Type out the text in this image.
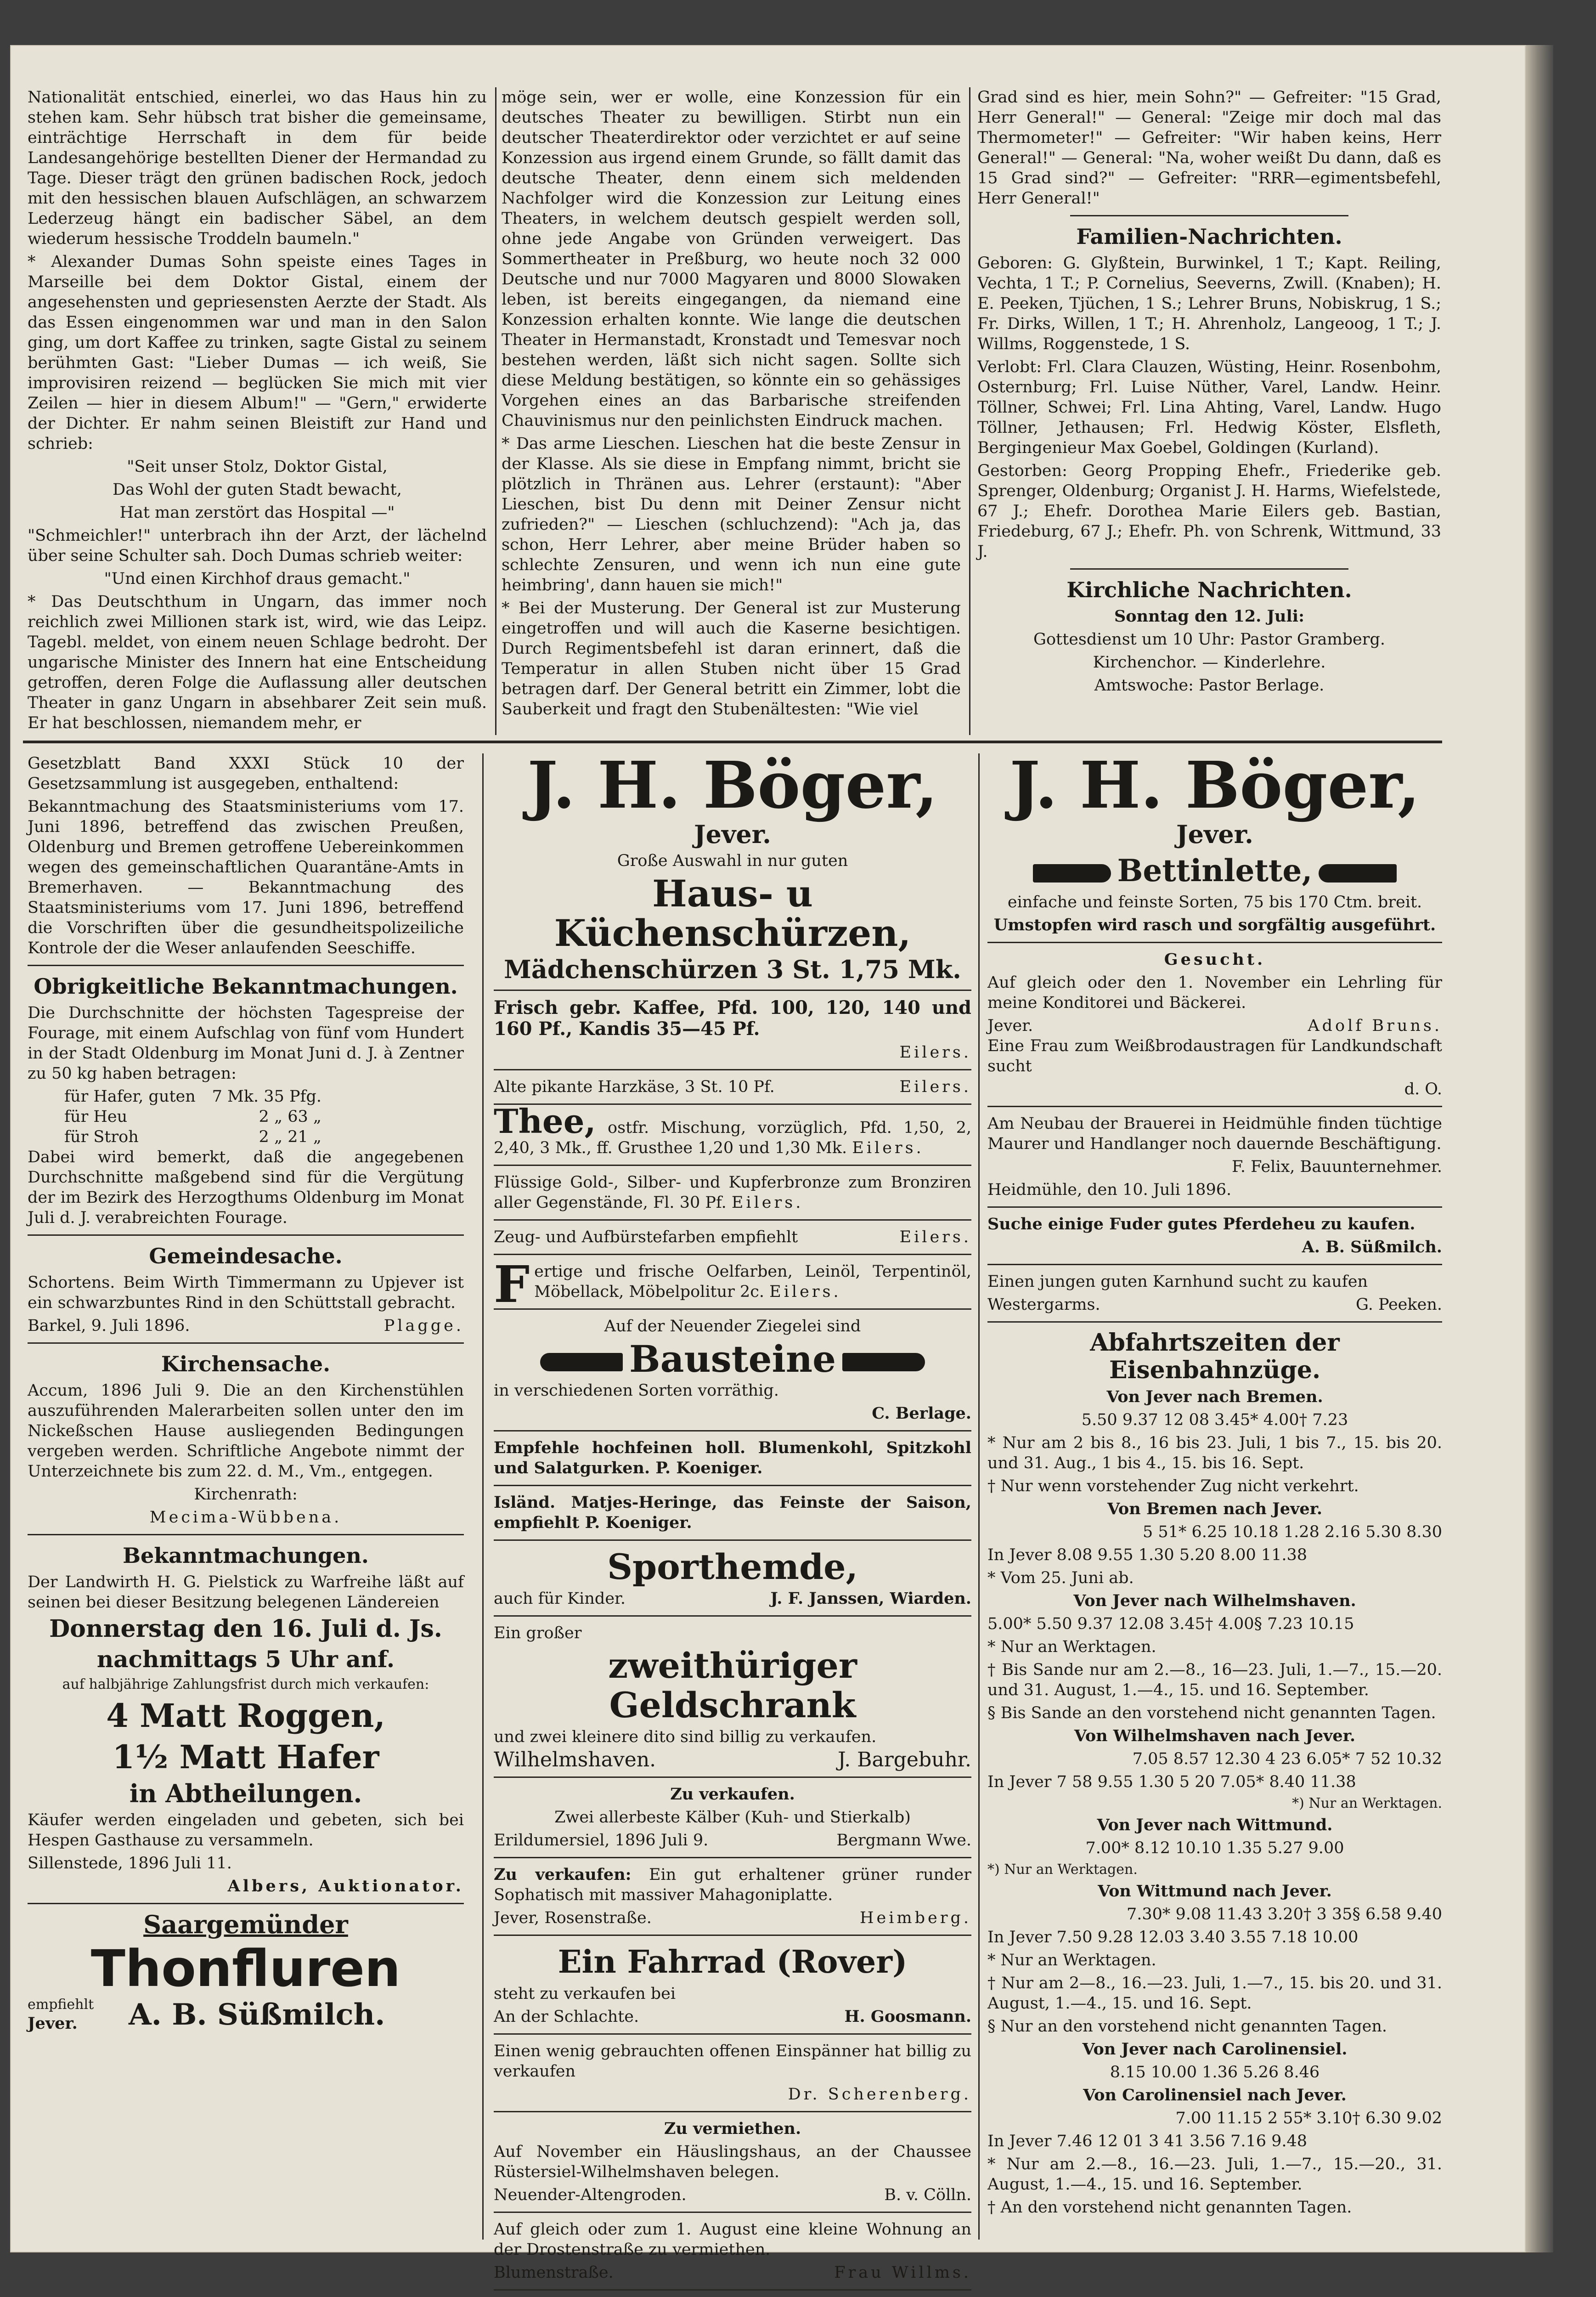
Nationalität entschied, einerlei, wo das Haus hin zu stehen kam. Sehr hübsch trat bisher die gemeinsame, einträchtige Herrschaft in dem für beide Landesangehörige bestellten Diener der Hermandad zu Tage. Dieser trägt den grünen badischen Rock, jedoch mit den hessischen blauen Aufschlägen, an schwarzem Lederzeug hängt ein badischer Säbel, an dem wiederum hessische Troddeln baumeln."

* Alexander Dumas Sohn speiste eines Tages in Marseille bei dem Doktor Gistal, einem der angesehensten und gepriesensten Aerzte der Stadt. Als das Essen eingenommen war und man in den Salon ging, um dort Kaffee zu trinken, sagte Gistal zu seinem berühmten Gast: "Lieber Dumas — ich weiß, Sie improvisiren reizend — beglücken Sie mich mit vier Zeilen — hier in diesem Album!" — "Gern," erwiderte der Dichter. Er nahm seinen Bleistift zur Hand und schrieb:

"Seit unser Stolz, Doktor Gistal,

Das Wohl der guten Stadt bewacht,

Hat man zerstört das Hospital —"

"Schmeichler!" unterbrach ihn der Arzt, der lächelnd über seine Schulter sah. Doch Dumas schrieb weiter:

"Und einen Kirchhof draus gemacht."

* Das Deutschthum in Ungarn, das immer noch reichlich zwei Millionen stark ist, wird, wie das Leipz. Tagebl. meldet, von einem neuen Schlage bedroht. Der ungarische Minister des Innern hat eine Entscheidung getroffen, deren Folge die Auflassung aller deutschen Theater in ganz Ungarn in absehbarer Zeit sein muß. Er hat beschlossen, niemandem mehr, er

möge sein, wer er wolle, eine Konzession für ein deutsches Theater zu bewilligen. Stirbt nun ein deutscher Theaterdirektor oder verzichtet er auf seine Konzession aus irgend einem Grunde, so fällt damit das deutsche Theater, denn einem sich meldenden Nachfolger wird die Konzession zur Leitung eines Theaters, in welchem deutsch gespielt werden soll, ohne jede Angabe von Gründen verweigert. Das Sommertheater in Preßburg, wo heute noch 32 000 Deutsche und nur 7000 Magyaren und 8000 Slowaken leben, ist bereits eingegangen, da niemand eine Konzession erhalten konnte. Wie lange die deutschen Theater in Hermanstadt, Kronstadt und Temesvar noch bestehen werden, läßt sich nicht sagen. Sollte sich diese Meldung bestätigen, so könnte ein so gehässiges Vorgehen eines an das Barbarische streifenden Chauvinismus nur den peinlichsten Eindruck machen.

* Das arme Lieschen. Lieschen hat die beste Zensur in der Klasse. Als sie diese in Empfang nimmt, bricht sie plötzlich in Thränen aus. Lehrer (erstaunt): "Aber Lieschen, bist Du denn mit Deiner Zensur nicht zufrieden?" — Lieschen (schluchzend): "Ach ja, das schon, Herr Lehrer, aber meine Brüder haben so schlechte Zensuren, und wenn ich nun eine gute heimbring', dann hauen sie mich!"

* Bei der Musterung. Der General ist zur Musterung eingetroffen und will auch die Kaserne besichtigen. Durch Regimentsbefehl ist daran erinnert, daß die Temperatur in allen Stuben nicht über 15 Grad betragen darf. Der General betritt ein Zimmer, lobt die Sauberkeit und fragt den Stubenältesten: "Wie viel

Grad sind es hier, mein Sohn?" — Gefreiter: "15 Grad, Herr General!" — General: "Zeige mir doch mal das Thermometer!" — Gefreiter: "Wir haben keins, Herr General!" — General: "Na, woher weißt Du dann, daß es 15 Grad sind?" — Gefreiter: "RRR—egimentsbefehl, Herr General!"

Familien-Nachrichten.

Geboren: G. Glyßtein, Burwinkel, 1 T.; Kapt. Reiling, Vechta, 1 T.; P. Cornelius, Seeverns, Zwill. (Knaben); H. E. Peeken, Tjüchen, 1 S.; Lehrer Bruns, Nobiskrug, 1 S.; Fr. Dirks, Willen, 1 T.; H. Ahrenholz, Langeoog, 1 T.; J. Willms, Roggenstede, 1 S.

Verlobt: Frl. Clara Clauzen, Wüsting, Heinr. Rosenbohm, Osternburg; Frl. Luise Nüther, Varel, Landw. Heinr. Töllner, Schwei; Frl. Lina Ahting, Varel, Landw. Hugo Töllner, Jethausen; Frl. Hedwig Köster, Elsfleth, Bergingenieur Max Goebel, Goldingen (Kurland).

Gestorben: Georg Propping Ehefr., Friederike geb. Sprenger, Oldenburg; Organist J. H. Harms, Wiefelstede, 67 J.; Ehefr. Dorothea Marie Eilers geb. Bastian, Friedeburg, 67 J.; Ehefr. Ph. von Schrenk, Wittmund, 33 J.

Kirchliche Nachrichten.

Sonntag den 12. Juli:

Gottesdienst um 10 Uhr: Pastor Gramberg.

Kirchenchor. — Kinderlehre.

Amtswoche: Pastor Berlage.

Gesetzblatt Band XXXI Stück 10 der Gesetzsammlung ist ausgegeben, enthaltend:

Bekanntmachung des Staatsministeriums vom 17. Juni 1896, betreffend das zwischen Preußen, Oldenburg und Bremen getroffene Uebereinkommen wegen des gemeinschaftlichen Quarantäne-Amts in Bremerhaven. — Bekanntmachung des Staatsministeriums vom 17. Juni 1896, betreffend die Vorschriften über die gesundheitspolizeiliche Kontrole der die Weser anlaufenden Seeschiffe.

Obrigkeitliche Bekanntmachungen.

Die Durchschnitte der höchsten Tagespreise der Fourage, mit einem Aufschlag von fünf vom Hundert in der Stadt Oldenburg im Monat Juni d. J. à Zentner zu 50 kg haben betragen:

für Hafer, guten 7 Mk. 35 Pfg.
für Heu	2 „ 63 „
für Stroh	2 „ 21 „

Dabei wird bemerkt, daß die angegebenen Durchschnitte maßgebend sind für die Vergütung der im Bezirk des Herzogthums Oldenburg im Monat Juli d. J. verabreichten Fourage.

Gemeindesache.

Schortens. Beim Wirth Timmermann zu Upjever ist ein schwarzbuntes Rind in den Schüttstall gebracht.

Barkel, 9. Juli 1896.	Plagge.
Kirchensache.

Accum, 1896 Juli 9. Die an den Kirchenstühlen auszuführenden Malerarbeiten sollen unter den im Nickeßschen Hause ausliegenden Bedingungen vergeben werden. Schriftliche Angebote nimmt der Unterzeichnete bis zum 22. d. M., Vm., entgegen.

Kirchenrath:

Mecima-Wübbena.

Bekanntmachungen.

Der Landwirth H. G. Pielstick zu Warfreihe läßt auf seinen bei dieser Besitzung belegenen Ländereien

Donnerstag den 16. Juli d. Js.
nachmittags 5 Uhr anf.

auf halbjährige Zahlungsfrist durch mich verkaufen:

4 Matt Roggen,
1½ Matt Hafer
in Abtheilungen.

Käufer werden eingeladen und gebeten, sich bei Hespen Gasthause zu versammeln.

Sillenstede, 1896 Juli 11.

Albers, Auktionator.

Saargemünder
Thonfluren
empfiehlt
Jever.	A. B. Süßmilch.
J. H. Böger,
Jever.

Große Auswahl in nur guten

Haus- u Küchenschürzen,
Mädchenschürzen 3 St. 1,75 Mk.

Frisch gebr. Kaffee, Pfd. 100, 120, 140 und 160 Pf., Kandis 35—45 Pf.

Eilers.

Alte pikante Harzkäse, 3 St. 10 Pf.	Eilers.

Thee, ostfr. Mischung, vorzüglich, Pfd. 1,50, 2, 2,40, 3 Mk., ff. Grusthee 1,20 und 1,30 Mk. Eilers.

Flüssige Gold-, Silber- und Kupferbronze zum Bronziren aller Gegenstände, Fl. 30 Pf. Eilers.

Zeug- und Aufbürstefarben empfiehlt	Eilers.

Fertige und frische Oelfarben, Leinöl, Terpentinöl, Möbellack, Möbelpolitur 2c. Eilers.

Auf der Neuender Ziegelei sind

Bausteine

in verschiedenen Sorten vorräthig.

C. Berlage.

Empfehle hochfeinen holl. Blumenkohl, Spitzkohl und Salatgurken. P. Koeniger.

Isländ. Matjes-Heringe, das Feinste der Saison, empfiehlt P. Koeniger.

Sporthemde,
auch für Kinder.	J. F. Janssen, Wiarden.

Ein großer

zweithüriger Geldschrank

und zwei kleinere dito sind billig zu verkaufen.

Wilhelmshaven.	J. Bargebuhr.

Zu verkaufen.

Zwei allerbeste Kälber (Kuh- und Stierkalb)

Erildumersiel, 1896 Juli 9.	Bergmann Wwe.

Zu verkaufen: Ein gut erhaltener grüner runder Sophatisch mit massiver Mahagoniplatte.

Jever, Rosenstraße.	Heimberg.
Ein Fahrrad (Rover)

steht zu verkaufen bei

An der Schlachte.	H. Goosmann.

Einen wenig gebrauchten offenen Einspänner hat billig zu verkaufen

Dr. Scherenberg.

Zu vermiethen.

Auf November ein Häuslingshaus, an der Chaussee Rüstersiel-Wilhelmshaven belegen.

Neuender-Altengroden.	B. v. Cölln.

Auf gleich oder zum 1. August eine kleine Wohnung an der Drostenstraße zu vermiethen.

Blumenstraße.	Frau Willms.

J. H. Böger,
Jever.
Bettinlette,

einfache und feinste Sorten, 75 bis 170 Ctm. breit.

Umstopfen wird rasch und sorgfältig ausgeführt.

Gesucht.

Auf gleich oder den 1. November ein Lehrling für meine Konditorei und Bäckerei.

Jever.	Adolf Bruns.

Eine Frau zum Weißbrodaustragen für Landkundschaft sucht

d. O.

Am Neubau der Brauerei in Heidmühle finden tüchtige Maurer und Handlanger noch dauernde Beschäftigung.

F. Felix, Bauunternehmer.

Heidmühle, den 10. Juli 1896.

Suche einige Fuder gutes Pferdeheu zu kaufen.

A. B. Süßmilch.

Einen jungen guten Karnhund sucht zu kaufen

Westergarms.	G. Peeken.
Abfahrtszeiten der Eisenbahnzüge.

Von Jever nach Bremen.

5.50 9.37 12 08 3.45* 4.00† 7.23

* Nur am 2 bis 8., 16 bis 23. Juli, 1 bis 7., 15. bis 20. und 31. Aug., 1 bis 4., 15. bis 16. Sept.

† Nur wenn vorstehender Zug nicht verkehrt.

Von Bremen nach Jever.

5 51* 6.25 10.18 1.28 2.16 5.30 8.30

In Jever 8.08 9.55 1.30 5.20 8.00 11.38

* Vom 25. Juni ab.

Von Jever nach Wilhelmshaven.

5.00* 5.50 9.37 12.08 3.45† 4.00§ 7.23 10.15

* Nur an Werktagen.

† Bis Sande nur am 2.—8., 16—23. Juli, 1.—7., 15.—20. und 31. August, 1.—4., 15. und 16. September.

§ Bis Sande an den vorstehend nicht genannten Tagen.

Von Wilhelmshaven nach Jever.

7.05 8.57 12.30 4 23 6.05* 7 52 10.32

In Jever 7 58 9.55 1.30 5 20 7.05* 8.40 11.38

*) Nur an Werktagen.

Von Jever nach Wittmund.

7.00* 8.12 10.10 1.35 5.27 9.00

*) Nur an Werktagen.

Von Wittmund nach Jever.

7.30* 9.08 11.43 3.20† 3 35§ 6.58 9.40

In Jever 7.50 9.28 12.03 3.40 3.55 7.18 10.00

* Nur an Werktagen.

† Nur am 2—8., 16.—23. Juli, 1.—7., 15. bis 20. und 31. August, 1.—4., 15. und 16. Sept.

§ Nur an den vorstehend nicht genannten Tagen.

Von Jever nach Carolinensiel.

8.15 10.00 1.36 5.26 8.46

Von Carolinensiel nach Jever.

7.00 11.15 2 55* 3.10† 6.30 9.02

In Jever 7.46 12 01 3 41 3.56 7.16 9.48

* Nur am 2.—8., 16.—23. Juli, 1.—7., 15.—20., 31. August, 1.—4., 15. und 16. September.

† An den vorstehend nicht genannten Tagen.
